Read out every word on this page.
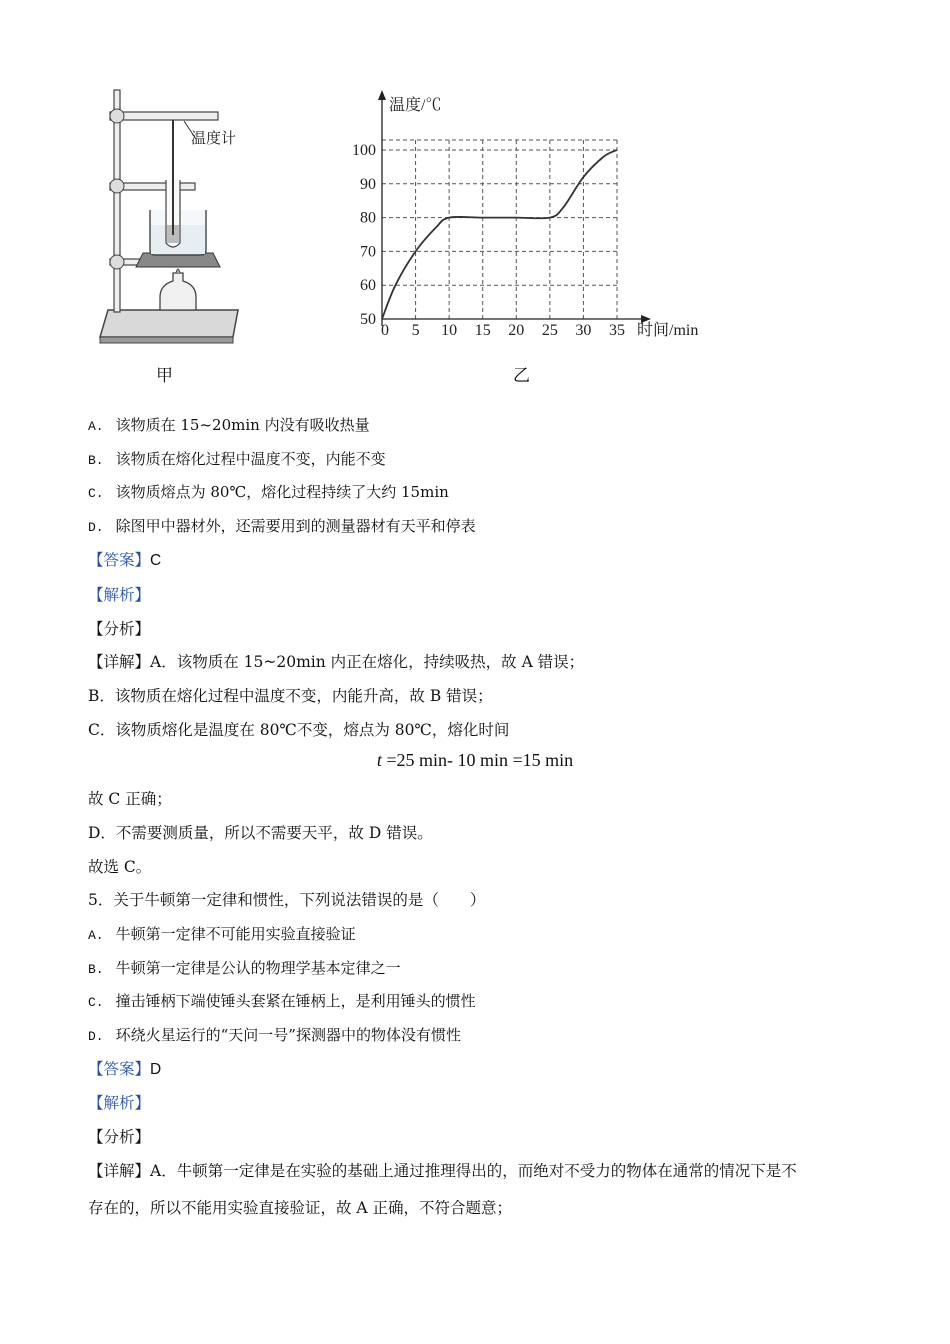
温度计
甲
0 5 10 15 20 25 30 35
50
60
70
80
90
100
温度/℃
时间/min
乙
A. 该物质在 15~20min 内没有吸收热量
B. 该物质在熔化过程中温度不变，内能不变
C. 该物质熔点为 80℃，熔化过程持续了大约 15min
D. 除图甲中器材外，还需要用到的测量器材有天平和停表
【答案】C
【解析】
【分析】
【详解】A．该物质在 15~20min 内正在熔化，持续吸热，故 A 错误；
B．该物质在熔化过程中温度不变，内能升高，故 B 错误；
C．该物质熔化是温度在 80℃不变，熔点为 80℃，熔化时间
t =25 min- 10 min =15 min
故 C 正确；
D．不需要测质量，所以不需要天平，故 D 错误。
故选 C。
5．关于牛顿第一定律和惯性，下列说法错误的是（　　）
A. 牛顿第一定律不可能用实验直接验证
B. 牛顿第一定律是公认的物理学基本定律之一
C. 撞击锤柄下端使锤头套紧在锤柄上，是利用锤头的惯性
D. 环绕火星运行的“天问一号”探测器中的物体没有惯性
【答案】D
【解析】
【分析】
【详解】A．牛顿第一定律是在实验的基础上通过推理得出的，而绝对不受力的物体在通常的情况下是不
存在的，所以不能用实验直接验证，故 A 正确，不符合题意；
